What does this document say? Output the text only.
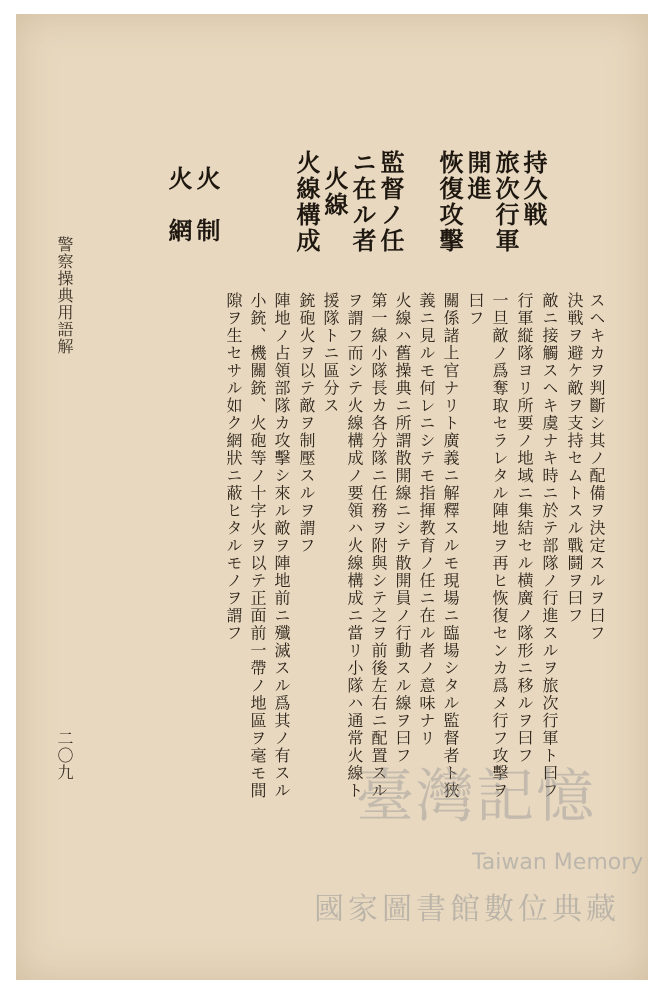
スヘキカヲ判斷シ其ノ配備ヲ決定スルヲ曰フ
持久戦
決戦ヲ避ケ敵ヲ支持セムトスル戰鬪ヲ曰フ
旅次行軍
敵ニ接觸スヘキ虞ナキ時ニ於テ部隊ノ行進スルヲ旅次行軍ト曰フ
開進
行軍縦隊ヨリ所要ノ地域ニ集結セル横廣ノ隊形ニ移ルヲ曰フ
恢復攻擊
一旦敵ノ爲奪取セラレタル陣地ヲ再ヒ恢復センカ爲メ行フ攻擊ヲ
曰フ
監督ノ任
ニ在ル者
關係諸上官ナリト廣義ニ解釋スルモ現場ニ臨場シタル監督者ト狹
義ニ見ルモ何レニシテモ指揮教育ノ任ニ在ル者ノ意味ナリ
火線
火線ハ舊操典ニ所謂散開線ニシテ散開員ノ行動スル線ヲ曰フ
火線構成
第一線小隊長カ各分隊ニ任務ヲ附與シテ之ヲ前後左右ニ配置スル
ヲ謂フ而シテ火線構成ノ要領ハ火線構成ニ當リ小隊ハ通常火線ト
援隊トニ區分ス
火　制
銃砲火ヲ以テ敵ヲ制壓スルヲ謂フ
火　網
陣地ノ占領部隊カ攻擊シ來ル敵ヲ陣地前ニ殲滅スル爲其ノ有スル
小銃、機關銃、火砲等ノ十字火ヲ以テ正面前一帶ノ地區ヲ毫モ間
隙ヲ生セサル如ク網狀ニ蔽ヒタルモノヲ謂フ
警察操典用語解
二〇九
臺灣記憶
Taiwan Memory
國家圖書館數位典藏
